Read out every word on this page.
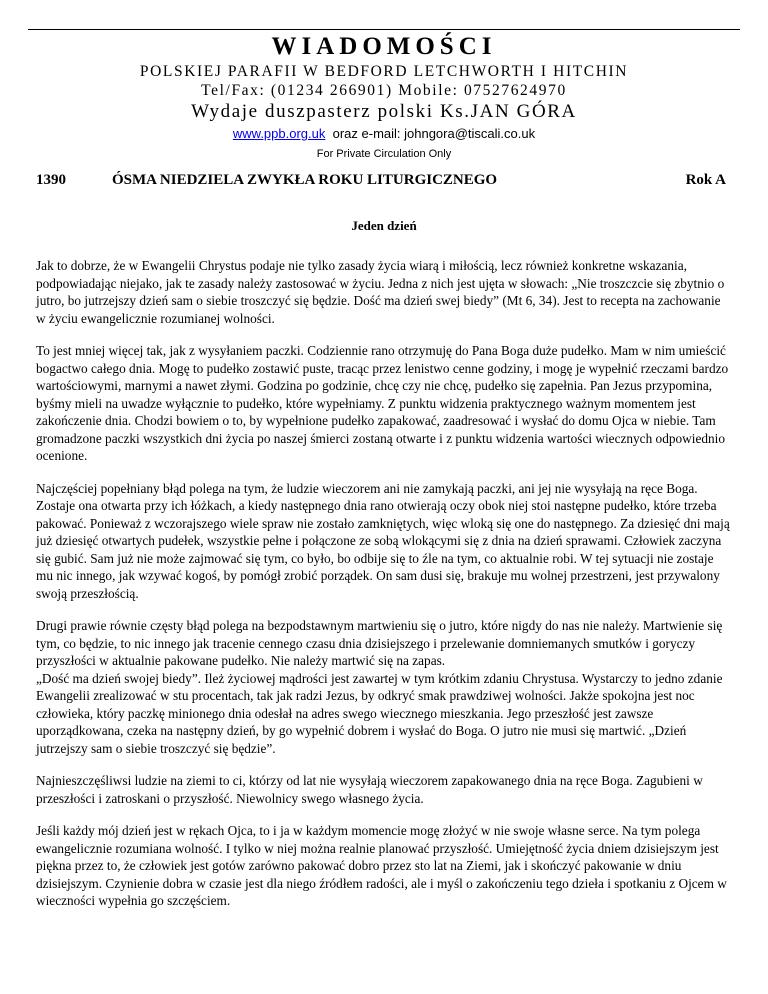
WIADOMOŚCI
POLSKIEJ PARAFII W BEDFORD LETCHWORTH I HITCHIN
Tel/Fax: (01234 266901) Mobile: 07527624970
Wydaje duszpasterz polski Ks.JAN GÓRA
www.ppb.org.uk oraz e-mail: johngora@tiscali.co.uk
For Private Circulation Only
1390	ÓSMA NIEDZIELA ZWYKŁA ROKU LITURGICZNEGO	Rok A
Jeden dzień

Jak to dobrze, że w Ewangelii Chrystus podaje nie tylko zasady życia wiarą i miłością, lecz również konkretne wskazania, podpowiadając niejako, jak te zasady należy zastosować w życiu. Jedna z nich jest ujęta w słowach: „Nie troszczcie się zbytnio o jutro, bo jutrzejszy dzień sam o siebie troszczyć się będzie. Dość ma dzień swej biedy” (Mt 6, 34). Jest to recepta na zachowanie w życiu ewangelicznie rozumianej wolności.

To jest mniej więcej tak, jak z wysyłaniem paczki. Codziennie rano otrzymuję do Pana Boga duże pudełko. Mam w nim umieścić bogactwo całego dnia. Mogę to pudełko zostawić puste, tracąc przez lenistwo cenne godziny, i mogę je wypełnić rzeczami bardzo wartościowymi, marnymi a nawet złymi. Godzina po godzinie, chcę czy nie chcę, pudełko się zapełnia. Pan Jezus przypomina, byśmy mieli na uwadze wyłącznie to pudełko, które wypełniamy. Z punktu widzenia praktycznego ważnym momentem jest zakończenie dnia. Chodzi bowiem o to, by wypełnione pudełko zapakować, zaadresować i wysłać do domu Ojca w niebie. Tam gromadzone paczki wszystkich dni życia po naszej śmierci zostaną otwarte i z punktu widzenia wartości wiecznych odpowiednio ocenione.

Najczęściej popełniany błąd polega na tym, że ludzie wieczorem ani nie zamykają paczki, ani jej nie wysyłają na ręce Boga. Zostaje ona otwarta przy ich łóżkach, a kiedy następnego dnia rano otwierają oczy obok niej stoi następne pudełko, które trzeba pakować. Ponieważ z wczorajszego wiele spraw nie zostało zamkniętych, więc wloką się one do następnego. Za dziesięć dni mają już dziesięć otwartych pudełek, wszystkie pełne i połączone ze sobą wlokącymi się z dnia na dzień sprawami. Człowiek zaczyna się gubić. Sam już nie może zajmować się tym, co było, bo odbije się to źle na tym, co aktualnie robi. W tej sytuacji nie zostaje mu nic innego, jak wzywać kogoś, by pomógł zrobić porządek. On sam dusi się, brakuje mu wolnej przestrzeni, jest przywalony swoją przeszłością.

Drugi prawie równie częsty błąd polega na bezpodstawnym martwieniu się o jutro, które nigdy do nas nie należy. Martwienie się tym, co będzie, to nic innego jak tracenie cennego czasu dnia dzisiejszego i przelewanie domniemanych smutków i goryczy przyszłości w aktualnie pakowane pudełko. Nie należy martwić się na zapas.
„Dość ma dzień swojej biedy”. Ileż życiowej mądrości jest zawartej w tym krótkim zdaniu Chrystusa. Wystarczy to jedno zdanie Ewangelii zrealizować w stu procentach, tak jak radzi Jezus, by odkryć smak prawdziwej wolności. Jakże spokojna jest noc człowieka, który paczkę minionego dnia odesłał na adres swego wiecznego mieszkania. Jego przeszłość jest zawsze uporządkowana, czeka na następny dzień, by go wypełnić dobrem i wysłać do Boga. O jutro nie musi się martwić. „Dzień jutrzejszy sam o siebie troszczyć się będzie”.

Najnieszczęśliwsi ludzie na ziemi to ci, którzy od lat nie wysyłają wieczorem zapakowanego dnia na ręce Boga. Zagubieni w przeszłości i zatroskani o przyszłość. Niewolnicy swego własnego życia.

Jeśli każdy mój dzień jest w rękach Ojca, to i ja w każdym momencie mogę złożyć w nie swoje własne serce. Na tym polega ewangelicznie rozumiana wolność. I tylko w niej można realnie planować przyszłość. Umiejętność życia dniem dzisiejszym jest piękna przez to, że człowiek jest gotów zarówno pakować dobro przez sto lat na Ziemi, jak i skończyć pakowanie w dniu dzisiejszym. Czynienie dobra w czasie jest dla niego źródłem radości, ale i myśl o zakończeniu tego dzieła i spotkaniu z Ojcem w wieczności wypełnia go szczęściem.
